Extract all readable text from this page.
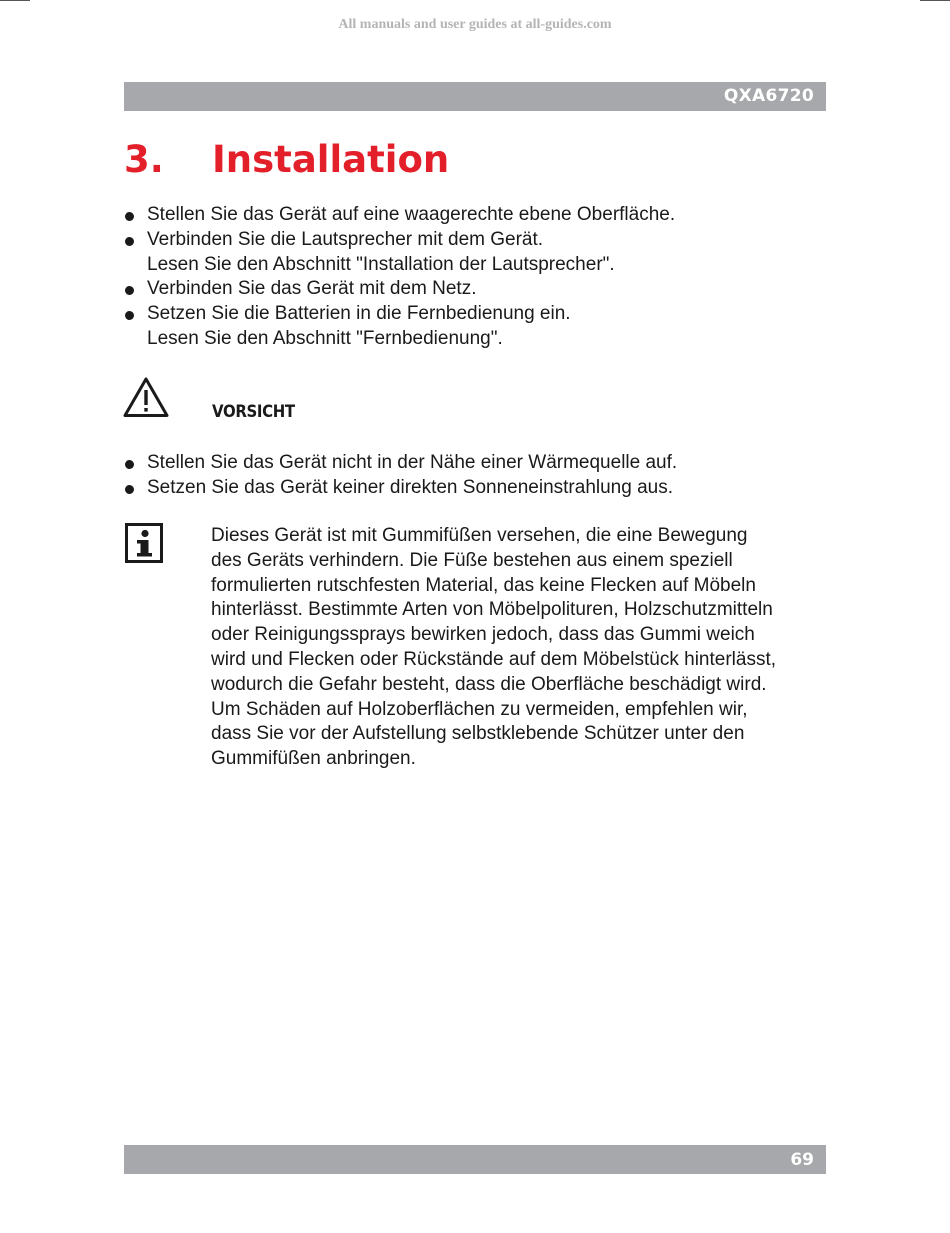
All manuals and user guides at all-guides.com
QXA6720
3. Installation
Stellen Sie das Gerät auf eine waagerechte ebene Oberfläche.
Verbinden Sie die Lautsprecher mit dem Gerät.
Lesen Sie den Abschnitt "Installation der Lautsprecher".
Verbinden Sie das Gerät mit dem Netz.
Setzen Sie die Batterien in die Fernbedienung ein.
Lesen Sie den Abschnitt "Fernbedienung".
VORSICHT
Stellen Sie das Gerät nicht in der Nähe einer Wärmequelle auf.
Setzen Sie das Gerät keiner direkten Sonneneinstrahlung aus.

Dieses Gerät ist mit Gummifüßen versehen, die eine Bewegung
des Geräts verhindern. Die Füße bestehen aus einem speziell
formulierten rutschfesten Material, das keine Flecken auf Möbeln
hinterlässt. Bestimmte Arten von Möbelpolituren, Holzschutzmitteln
oder Reinigungssprays bewirken jedoch, dass das Gummi weich
wird und Flecken oder Rückstände auf dem Möbelstück hinterlässt,
wodurch die Gefahr besteht, dass die Oberfläche beschädigt wird.
Um Schäden auf Holzoberflächen zu vermeiden, empfehlen wir,
dass Sie vor der Aufstellung selbstklebende Schützer unter den
Gummifüßen anbringen.

69
